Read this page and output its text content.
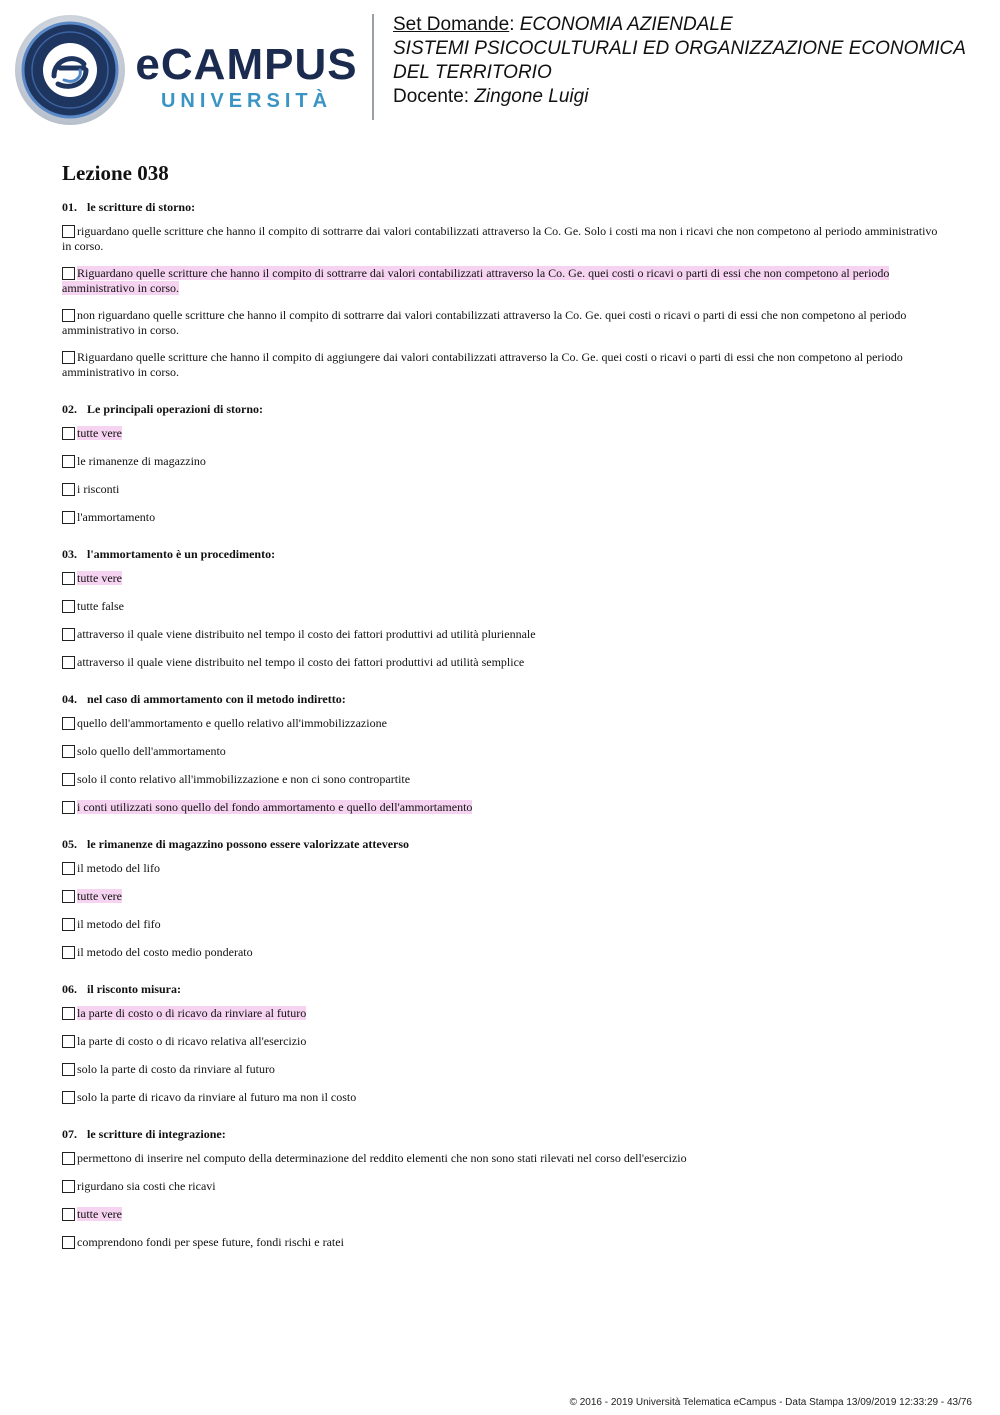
eCAMPUS
UNIVERSITÀ
Set Domande: ECONOMIA AZIENDALE
SISTEMI PSICOCULTURALI ED ORGANIZZAZIONE ECONOMICA
DEL TERRITORIO
Docente: Zingone Luigi
Lezione 038
01. le scritture di storno:
riguardano quelle scritture che hanno il compito di sottrarre dai valori contabilizzati attraverso la Co. Ge. Solo i costi ma non i ricavi che non competono al periodo amministrativo in corso.
Riguardano quelle scritture che hanno il compito di sottrarre dai valori contabilizzati attraverso la Co. Ge. quei costi o ricavi o parti di essi che non competono al periodo amministrativo in corso.
non riguardano quelle scritture che hanno il compito di sottrarre dai valori contabilizzati attraverso la Co. Ge. quei costi o ricavi o parti di essi che non competono al periodo amministrativo in corso.
Riguardano quelle scritture che hanno il compito di aggiungere dai valori contabilizzati attraverso la Co. Ge. quei costi o ricavi o parti di essi che non competono al periodo amministrativo in corso.
02. Le principali operazioni di storno:
tutte vere
le rimanenze di magazzino
i risconti
l'ammortamento
03. l'ammortamento è un procedimento:
tutte vere
tutte false
attraverso il quale viene distribuito nel tempo il costo dei fattori produttivi ad utilità pluriennale
attraverso il quale viene distribuito nel tempo il costo dei fattori produttivi ad utilità semplice
04. nel caso di ammortamento con il metodo indiretto:
quello dell'ammortamento e quello relativo all'immobilizzazione
solo quello dell'ammortamento
solo il conto relativo all'immobilizzazione e non ci sono contropartite
i conti utilizzati sono quello del fondo ammortamento e quello dell'ammortamento
05. le rimanenze di magazzino possono essere valorizzate atteverso
il metodo del lifo
tutte vere
il metodo del fifo
il metodo del costo medio ponderato
06. il risconto misura:
la parte di costo o di ricavo da rinviare al futuro
la parte di costo o di ricavo relativa all'esercizio
solo la parte di costo da rinviare al futuro
solo la parte di ricavo da rinviare al futuro ma non il costo
07. le scritture di integrazione:
permettono di inserire nel computo della determinazione del reddito elementi che non sono stati rilevati nel corso dell'esercizio
rigurdano sia costi che ricavi
tutte vere
comprendono fondi per spese future, fondi rischi e ratei
© 2016 - 2019 Università Telematica eCampus - Data Stampa 13/09/2019 12:33:29 - 43/76
